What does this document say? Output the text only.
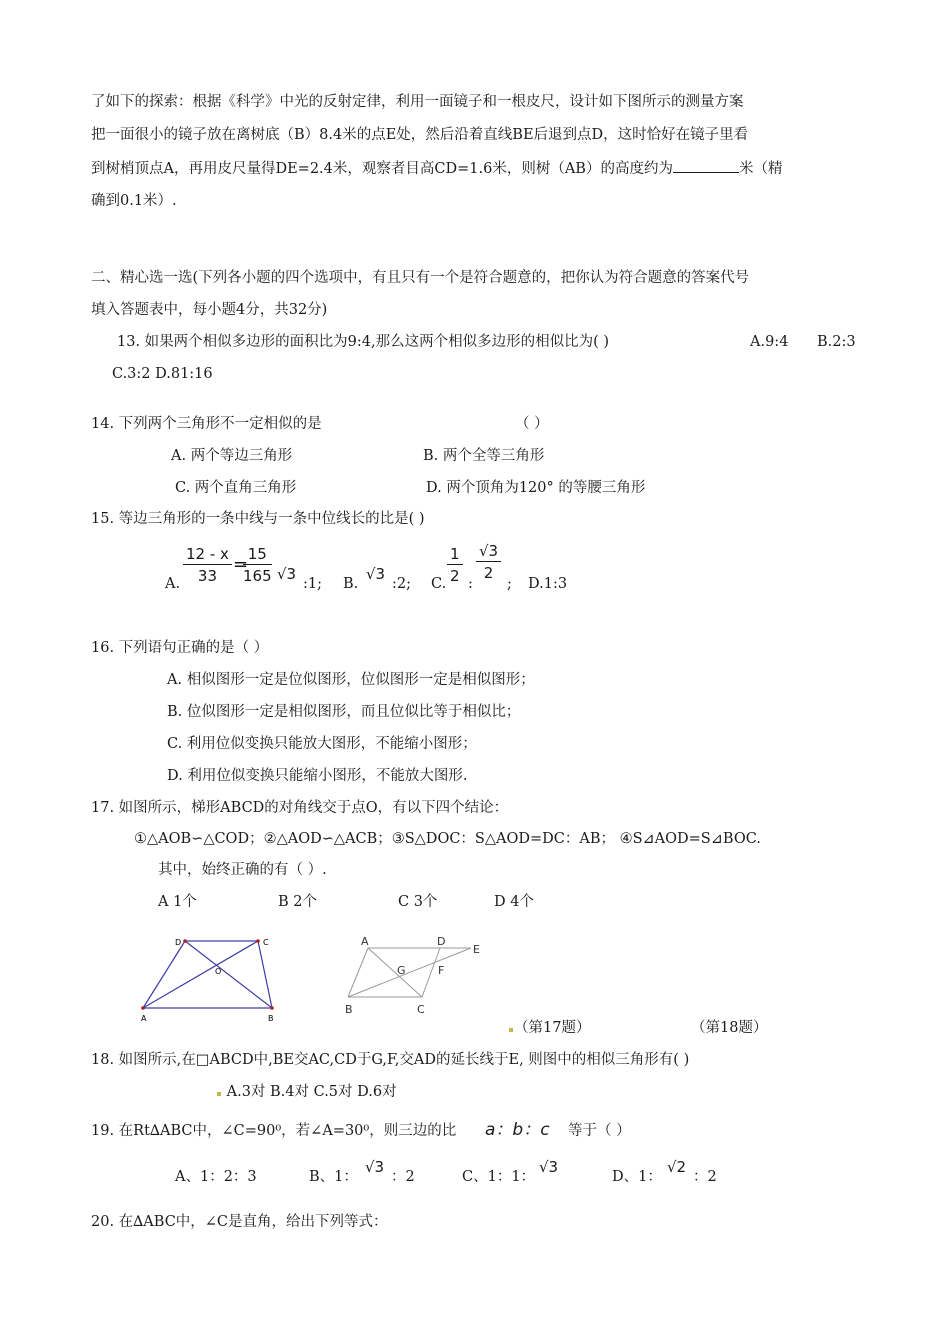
了如下的探索：根据《科学》中光的反射定律，利用一面镜子和一根皮尺，设计如下图所示的测量方案
把一面很小的镜子放在离树底（B）8.4米的点E处，然后沿着直线BE后退到点D，这时恰好在镜子里看
到树梢顶点A，再用皮尺量得DE=2.4米，观察者目高CD=1.6米，则树（AB）的高度约为	米（精
确到0.1米）.
二、精心选一选(下列各小题的四个选项中，有且只有一个是符合题意的，把你认为符合题意的答案代号
填入答题表中，每小题4分，共32分)
13. 如果两个相似多边形的面积比为9:4,那么这两个相似多边形的相似比为( )	A.9:4 B.2:3
C.3:2 D.81:16
14. 下列两个三角形不一定相似的是	（ ）
A. 两个等边三角形	B. 两个全等三角形
C. 两个直角三角形	D. 两个顶角为120° 的等腰三角形
15. 等边三角形的一条中线与一条中位线长的比是( )
$\frac{12 - x}{33}$ =
$\frac{15}{165}$
A.
√3
:1; B.
√3
:2; C. $\frac{1}{2}$ :
$\frac{√3}{2}$
; D.1:3
16. 下列语句正确的是（ ）
A. 相似图形一定是位似图形，位似图形一定是相似图形；
B. 位似图形一定是相似图形，而且位似比等于相似比；
C. 利用位似变换只能放大图形，不能缩小图形；
D. 利用位似变换只能缩小图形，不能放大图形.
17. 如图所示，梯形ABCD的对角线交于点O，有以下四个结论：
①△AOB∽△COD；②△AOD∽△ACB；③S△DOC：S△AOD=DC：AB； ④S⊿AOD=S⊿BOC.
其中，始终正确的有（ ）.
A 1个	B 2个	C 3个	D 4个
D	C
O
A	B
A	D
E
G	F
B	C
（第17题）	（第18题）
18. 如图所示,在□ABCD中,BE交AC,CD于G,F,交AD的延长线于E, 则图中的相似三角形有( )
A.3对 B.4对 C.5对 D.6对
19. 在Rt∆ABC中，∠C=90⁰，若∠A=30⁰，则三边的比 a：b：c 等于（ ）
A、1：2：3	B、1：
√3
：2	C、1：1：
√3
D、1：
√2
：2
20. 在∆ABC中，∠C是直角，给出下列等式：
